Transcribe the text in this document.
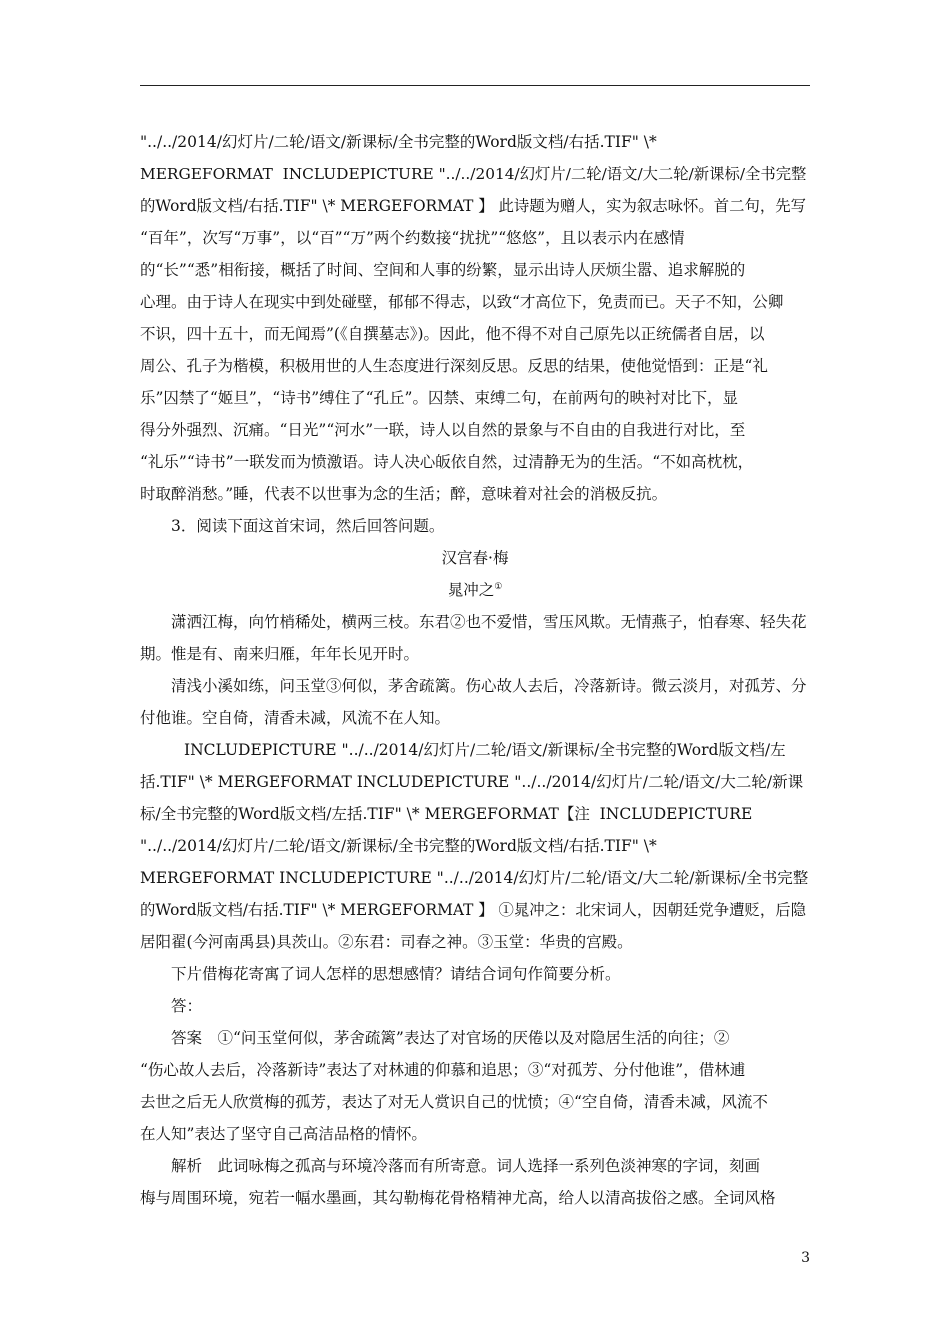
"../../2014/幻灯片/二轮/语文/新课标/全书完整的Word版文档/右括.TIF" \*
MERGEFORMAT  INCLUDEPICTURE "../../2014/幻灯片/二轮/语文/大二轮/新课标/全书完整
的Word版文档/右括.TIF" \* MERGEFORMAT 】 此诗题为赠人，实为叙志咏怀。首二句，先写
“百年”，次写“万事”，以“百”“万”两个约数接“扰扰”“悠悠”，且以表示内在感情
的“长”“悉”相衔接，概括了时间、空间和人事的纷繁，显示出诗人厌烦尘嚣、追求解脱的
心理。由于诗人在现实中到处碰壁，郁郁不得志，以致“才高位下，免责而已。天子不知，公卿
不识，四十五十，而无闻焉”(《自撰墓志》)。因此，他不得不对自己原先以正统儒者自居，以
周公、孔子为楷模，积极用世的人生态度进行深刻反思。反思的结果，使他觉悟到：正是“礼
乐”囚禁了“姬旦”，“诗书”缚住了“孔丘”。囚禁、束缚二句，在前两句的映衬对比下，显
得分外强烈、沉痛。“日光”“河水”一联，诗人以自然的景象与不自由的自我进行对比，至
“礼乐”“诗书”一联发而为愤激语。诗人决心皈依自然，过清静无为的生活。“不如高枕枕，
时取醉消愁。”睡，代表不以世事为念的生活；醉，意味着对社会的消极反抗。
3．阅读下面这首宋词，然后回答问题。
汉宫春·梅
晁冲之①
潇洒江梅，向竹梢稀处，横两三枝。东君②也不爱惜，雪压风欺。无情燕子，怕春寒、轻失花
期。惟是有、南来归雁，年年长见开时。
清浅小溪如练，问玉堂③何似，茅舍疏篱。伤心故人去后，冷落新诗。微云淡月，对孤芳、分
付他谁。空自倚，清香未减，风流不在人知。
INCLUDEPICTURE "../../2014/幻灯片/二轮/语文/新课标/全书完整的Word版文档/左
括.TIF" \* MERGEFORMAT INCLUDEPICTURE "../../2014/幻灯片/二轮/语文/大二轮/新课
标/全书完整的Word版文档/左括.TIF" \* MERGEFORMAT【注  INCLUDEPICTURE
"../../2014/幻灯片/二轮/语文/新课标/全书完整的Word版文档/右括.TIF" \*
MERGEFORMAT INCLUDEPICTURE "../../2014/幻灯片/二轮/语文/大二轮/新课标/全书完整
的Word版文档/右括.TIF" \* MERGEFORMAT 】 ①晁冲之：北宋词人，因朝廷党争遭贬，后隐
居阳翟(今河南禹县)具茨山。②东君：司春之神。③玉堂：华贵的宫殿。
下片借梅花寄寓了词人怎样的思想感情？请结合词句作简要分析。
答：
答案　①“问玉堂何似，茅舍疏篱”表达了对官场的厌倦以及对隐居生活的向往；②
“伤心故人去后，冷落新诗”表达了对林逋的仰慕和追思；③“对孤芳、分付他谁”，借林逋
去世之后无人欣赏梅的孤芳，表达了对无人赏识自己的忧愤；④“空自倚，清香未减，风流不
在人知”表达了坚守自己高洁品格的情怀。
解析　此词咏梅之孤高与环境冷落而有所寄意。词人选择一系列色淡神寒的字词，刻画
梅与周围环境，宛若一幅水墨画，其勾勒梅花骨格精神尤高，给人以清高拔俗之感。全词风格
3
